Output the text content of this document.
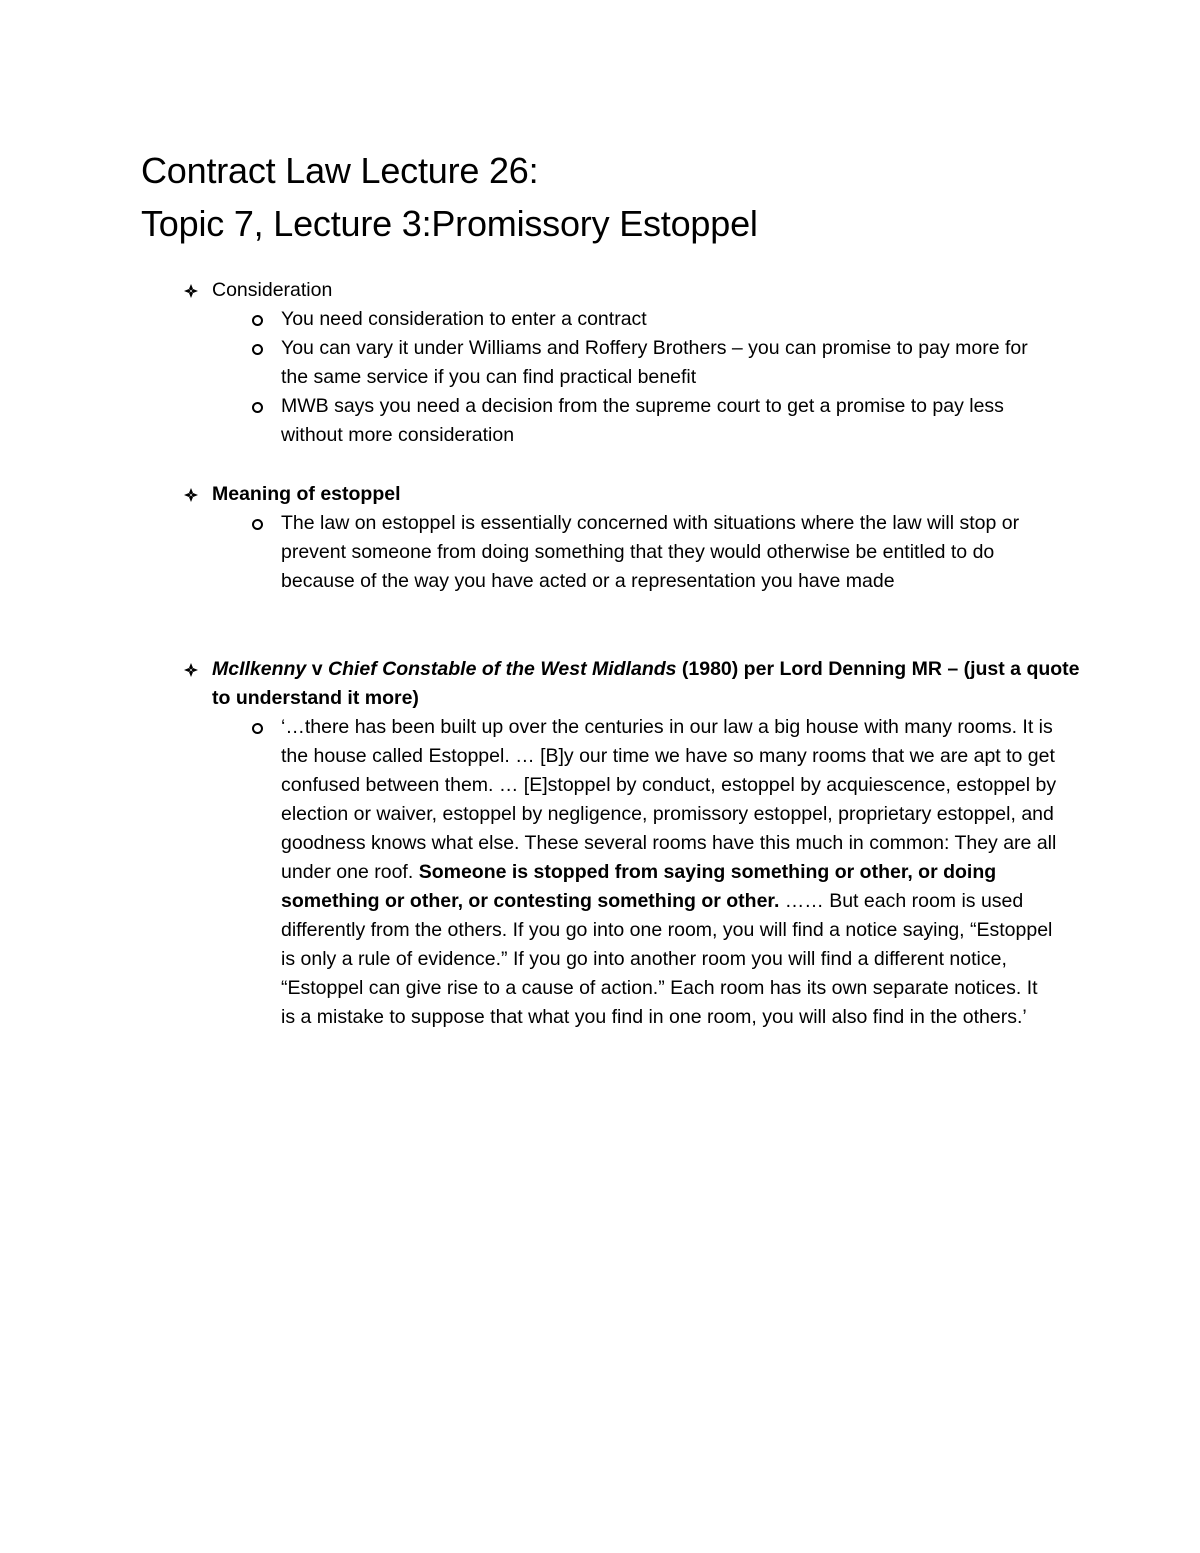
Contract Law Lecture 26:
Topic 7, Lecture 3:Promissory Estoppel
Consideration
You need consideration to enter a contract
You can vary it under Williams and Roffery Brothers – you can promise to pay more for the same service if you can find practical benefit
MWB says you need a decision from the supreme court to get a promise to pay less without more consideration
Meaning of estoppel
The law on estoppel is essentially concerned with situations where the law will stop or prevent someone from doing something that they would otherwise be entitled to do because of the way you have acted or a representation you have made
McIlkenny v Chief Constable of the West Midlands (1980) per Lord Denning MR – (just a quote to understand it more)
‘…there has been built up over the centuries in our law a big house with many rooms. It is the house called Estoppel. … [B]y our time we have so many rooms that we are apt to get confused between them. … [E]stoppel by conduct, estoppel by acquiescence, estoppel by election or waiver, estoppel by negligence, promissory estoppel, proprietary estoppel, and goodness knows what else. These several rooms have this much in common: They are all under one roof. Someone is stopped from saying something or other, or doing something or other, or contesting something or other. …… But each room is used differently from the others. If you go into one room, you will find a notice saying, “Estoppel is only a rule of evidence.” If you go into another room you will find a different notice, “Estoppel can give rise to a cause of action.” Each room has its own separate notices. It is a mistake to suppose that what you find in one room, you will also find in the others.’
